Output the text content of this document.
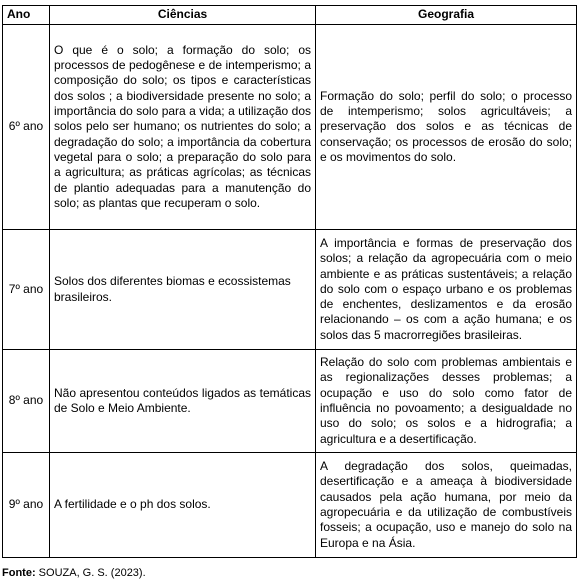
Ano	Ciências	Geografia
6º ano	O que é o solo; a formação do solo; os processos de pedogênese e de intemperismo; a composição do solo; os tipos e características dos solos ; a biodiversidade presente no solo; a importância do solo para a vida; a utilização dos solos pelo ser humano; os nutrientes do solo; a degradação do solo; a importância da cobertura vegetal para o solo; a preparação do solo para a agricultura; as práticas agrícolas; as técnicas de plantio adequadas para a manutenção do solo; as plantas que recuperam o solo.	Formação do solo; perfil do solo; o processo de intemperismo; solos agricultáveis; a preservação dos solos e as técnicas de conservação; os processos de erosão do solo; e os movimentos do solo.
7º ano	Solos dos diferentes biomas e ecossistemas brasileiros.	A importância e formas de preservação dos solos; a relação da agropecuária com o meio ambiente e as práticas sustentáveis; a relação do solo com o espaço urbano e os problemas de enchentes, deslizamentos e da erosão relacionando – os com a ação humana; e os solos das 5 macrorregiões brasileiras.
8º ano	Não apresentou conteúdos ligados as temáticas de Solo e Meio Ambiente.	Relação do solo com problemas ambientais e as regionalizações desses problemas; a ocupação e uso do solo como fator de influência no povoamento; a desigualdade no uso do solo; os solos e a hidrografia; a agricultura e a desertificação.
9º ano	A fertilidade e o ph dos solos.	A degradação dos solos, queimadas, desertificação e a ameaça à biodiversidade causados pela ação humana, por meio da agropecuária e da utilização de combustíveis fosseis; a ocupação, uso e manejo do solo na Europa e na Ásia.
Fonte: SOUZA, G. S. (2023).
